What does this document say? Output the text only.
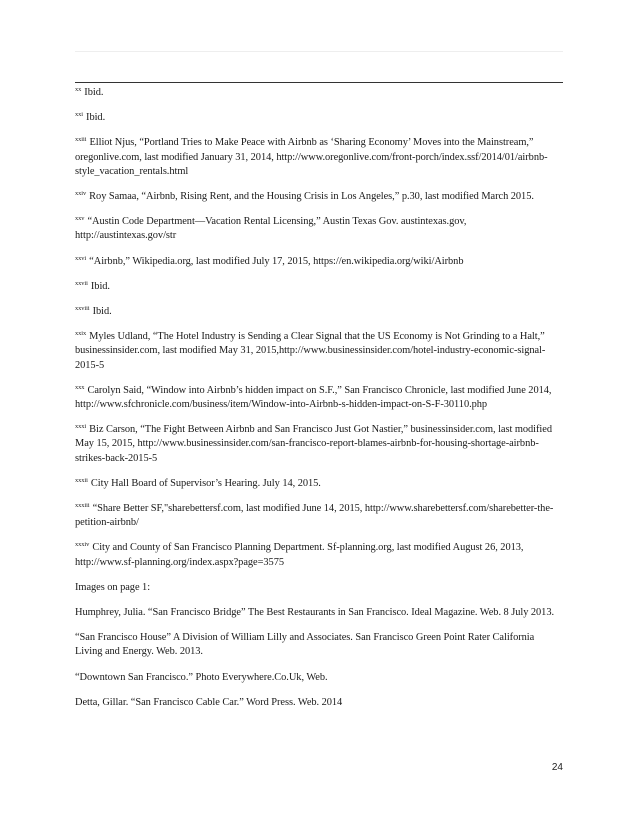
$^{xx}$ Ibid.

$^{xxi}$ Ibid.

$^{xxiii}$ Elliot Njus, “Portland Tries to Make Peace with Airbnb as ‘Sharing Economy’ Moves into the Mainstream,” oregonlive.com, last modified January 31, 2014, http://www.oregonlive.com/front-porch/index.ssf/2014/01/airbnb-style_vacation_rentals.html

$^{xxiv}$ Roy Samaa, “Airbnb, Rising Rent, and the Housing Crisis in Los Angeles,” p.30, last modified March 2015.

$^{xxv}$ “Austin Code Department—Vacation Rental Licensing,” Austin Texas Gov. austintexas.gov, http://austintexas.gov/str

$^{xxvi}$ “Airbnb,” Wikipedia.org, last modified July 17, 2015, https://en.wikipedia.org/wiki/Airbnb

$^{xxvii}$ Ibid.

$^{xxviii}$ Ibid.

$^{xxix}$ Myles Udland, “The Hotel Industry is Sending a Clear Signal that the US Economy is Not Grinding to a Halt,” businessinsider.com, last modified May 31, 2015,http://www.businessinsider.com/hotel-industry-economic-signal-2015-5

$^{xxx}$ Carolyn Said, “Window into Airbnb’s hidden impact on S.F.,” San Francisco Chronicle, last modified June 2014, http://www.sfchronicle.com/business/item/Window-into-Airbnb-s-hidden-impact-on-S-F-30110.php

$^{xxxi}$ Biz Carson, “The Fight Between Airbnb and San Francisco Just Got Nastier,” businessinsider.com, last modified May 15, 2015, http://www.businessinsider.com/san-francisco-report-blames-airbnb-for-housing-shortage-airbnb-strikes-back-2015-5

$^{xxxii}$ City Hall Board of Supervisor’s Hearing. July 14, 2015.

$^{xxxiii}$ “Share Better SF,"sharebettersf.com, last modified June 14, 2015, http://www.sharebettersf.com/sharebetter-the-petition-airbnb/

$^{xxxiv}$ City and County of San Francisco Planning Department. Sf-planning.org, last modified August 26, 2013, http://www.sf-planning.org/index.aspx?page=3575

Images on page 1:

Humphrey, Julia. “San Francisco Bridge” The Best Restaurants in San Francisco. Ideal Magazine. Web. 8 July 2013.

“San Francisco House” A Division of William Lilly and Associates. San Francisco Green Point Rater California Living and Energy. Web. 2013.

“Downtown San Francisco.” Photo Everywhere.Co.Uk, Web.

Detta, Gillar. “San Francisco Cable Car.” Word Press. Web. 2014

24
